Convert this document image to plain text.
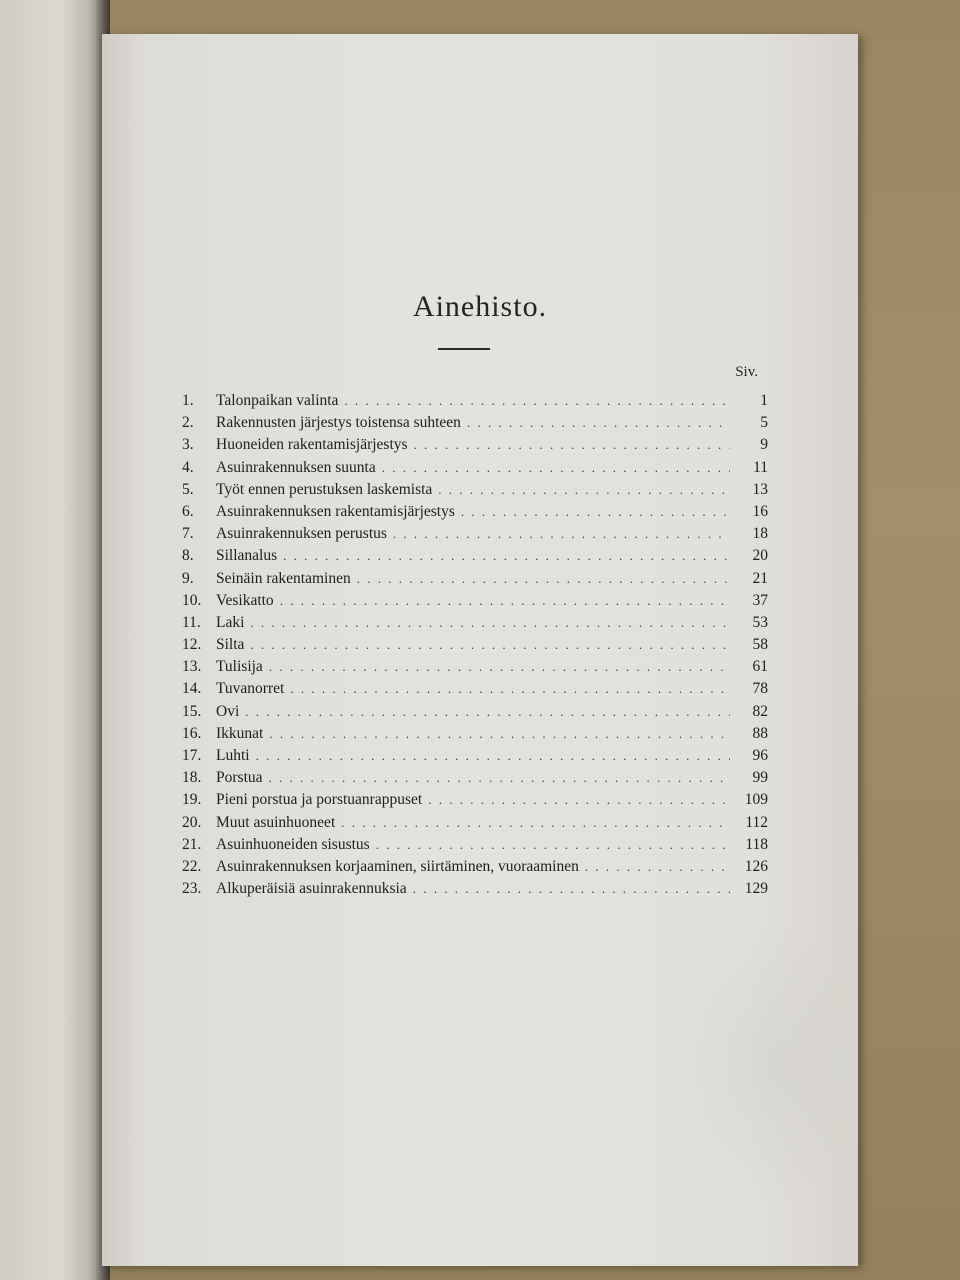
Ainehisto.
Siv.
1.	Talonpaikan valinta . . .	1
2.	Rakennusten järjestys toistensa suhteen . . .	5
3.	Huoneiden rakentamisjärjestys . . .	9
4.	Asuinrakennuksen suunta . . .	11
5.	Työt ennen perustuksen laskemista . . .	13
6.	Asuinrakennuksen rakentamisjärjestys . . .	16
7.	Asuinrakennuksen perustus . . .	18
8.	Sillanalus . . .	20
9.	Seinäin rakentaminen . . .	21
10. Vesikatto . . .	37
11. Laki . . .	53
12. Silta . . .	58
13. Tulisija . . .	61
14. Tuvanorret . . .	78
15. Ovi . . .	82
16. Ikkunat . . .	88
17. Luhti . . .	96
18. Porstua . . .	99
19. Pieni porstua ja porstuanrappuset . . .	109
20. Muut asuinhuoneet . . .	112
21. Asuinhuoneiden sisustus . . .	118
22. Asuinrakennuksen korjaaminen, siirtäminen, vuoraaminen . . .	126
23. Alkuperäisiä asuinrakennuksia . . .	129
